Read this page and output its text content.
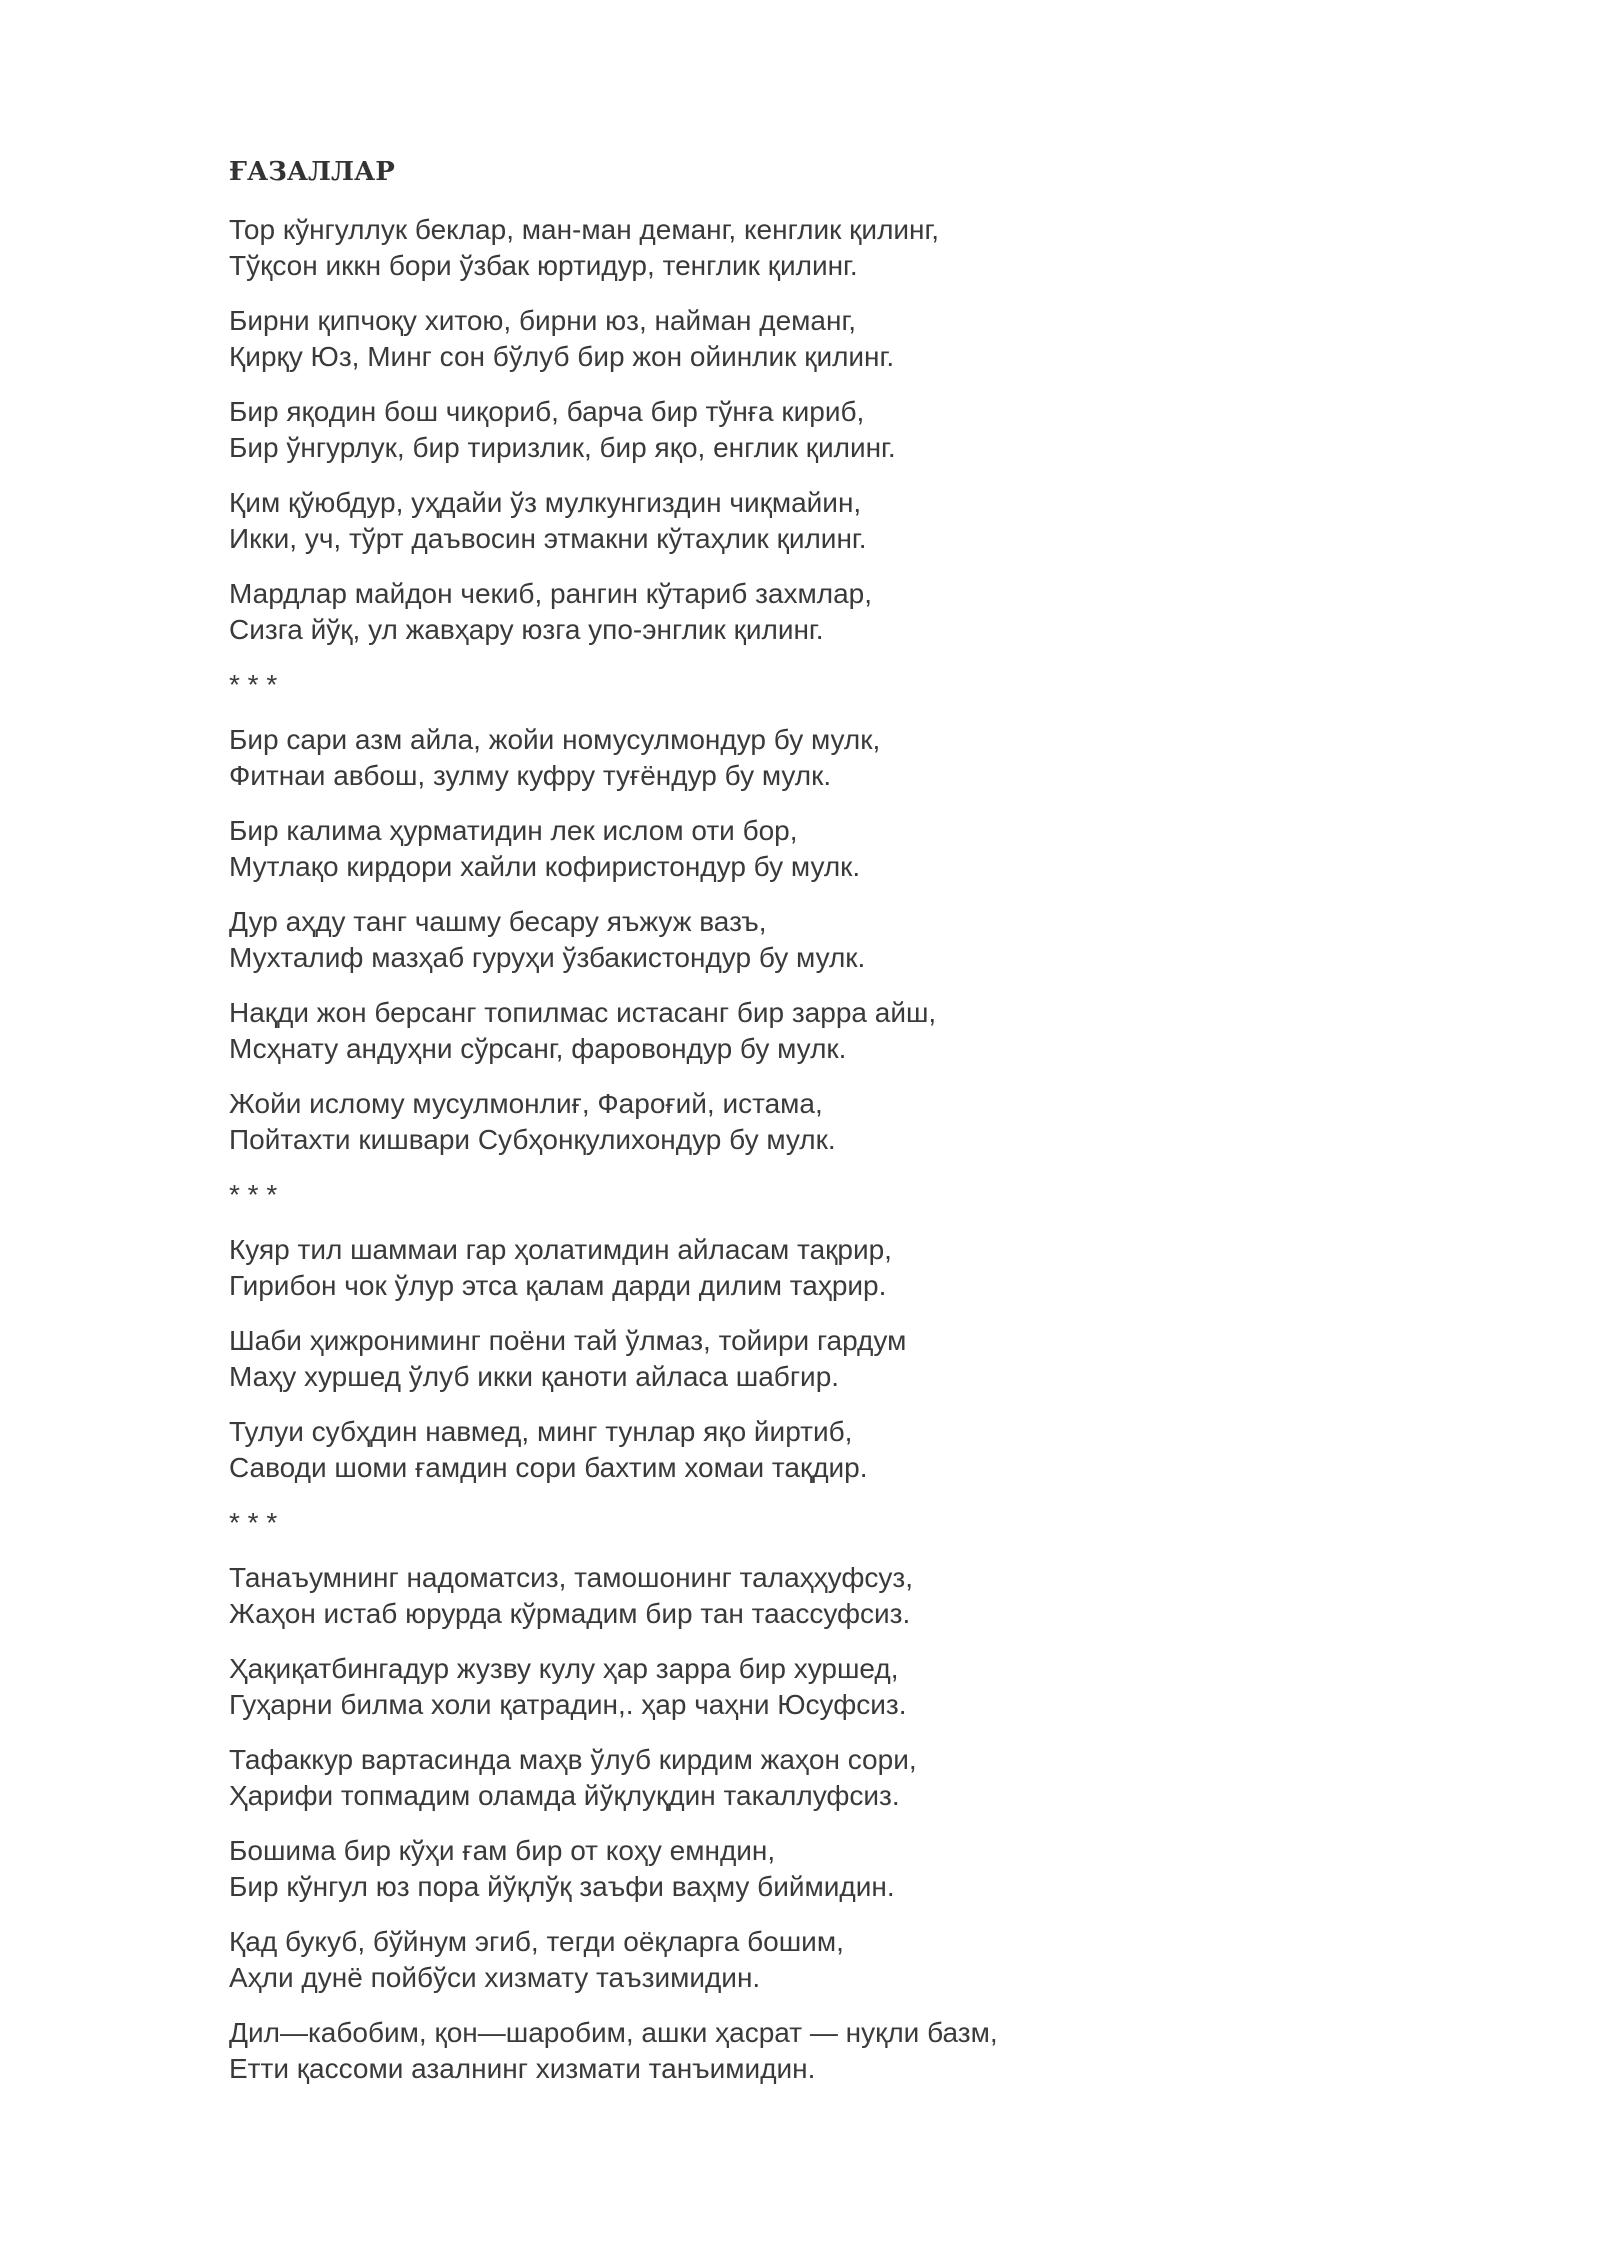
ҒАЗАЛЛАР
Тор кўнгуллук беклар, ман-ман деманг, кенглик қилинг,
Тўқсон иккн бори ўзбак юртидур, тенглик қилинг.
Бирни қипчоқу хитою, бирни юз, найман деманг,
Қирқу Юз, Минг сон бўлуб бир жон ойинлик қилинг.
Бир яқодин бош чиқориб, барча бир тўнға кириб,
Бир ўнгурлук, бир тиризлик, бир яқо, енглик қилинг.
Қим қўюбдур, уҳдайи ўз мулкунгиздин чиқмайин,
Икки, уч, тўрт даъвосин этмакни кўтаҳлик қилинг.
Мардлар майдон чекиб, рангин кўтариб захмлар,
Сизга йўқ, ул жавҳару юзга упо-энглик қилинг.
* * *
Бир сари азм айла, жойи номусулмондур бу мулк,
Фитнаи авбош, зулму куфру туғёндур бу мулк.
Бир калима ҳурматидин лек ислом оти бор,
Мутлақо кирдори хайли кофиристондур бу мулк.
Дур аҳду танг чашму бесару яъжуж вазъ,
Мухталиф мазҳаб гуруҳи ўзбакистондур бу мулк.
Нақди жон берсанг топилмас истасанг бир зарра айш,
Мсҳнату андуҳни сўрсанг, фаровондур бу мулк.
Жойи ислому мусулмонлиғ, Фароғий, истама,
Пойтахти кишвари Субҳонқулихондур бу мулк.
* * *
Куяр тил шаммаи гар ҳолатимдин айласам тақрир,
Гирибон чок ўлур этса қалам дарди дилим таҳрир.
Шаби ҳижрониминг поёни тай ўлмаз, тойири гардум
Маҳу хуршед ўлуб икки қаноти айласа шабгир.
Тулуи субҳдин навмед, минг тунлар яқо йиртиб,
Саводи шоми ғамдин сори бахтим хомаи тақдир.
* * *
Танаъумнинг надоматсиз, тамошонинг талаҳҳуфсуз,
Жаҳон истаб юрурда кўрмадим бир тан таассуфсиз.
Ҳақиқатбингадур жузву кулу ҳар зарра бир хуршед,
Гуҳарни билма холи қатрадин,. ҳар чаҳни Юсуфсиз.
Тафаккур вартасинда маҳв ўлуб кирдим жаҳон сори,
Ҳарифи топмадим оламда йўқлуқдин такаллуфсиз.
Бошима бир кўҳи ғам бир от коҳу емндин,
Бир кўнгул юз пора йўқлўқ заъфи ваҳму биймидин.
Қад букуб, бўйнум эгиб, тегди оёқларга бошим,
Аҳли дунё пойбўси хизмату таъзимидин.
Дил—кабобим, қон—шаробим, ашки ҳасрат — нуқли базм,
Етти қассоми азалнинг хизмати танъимидин.
